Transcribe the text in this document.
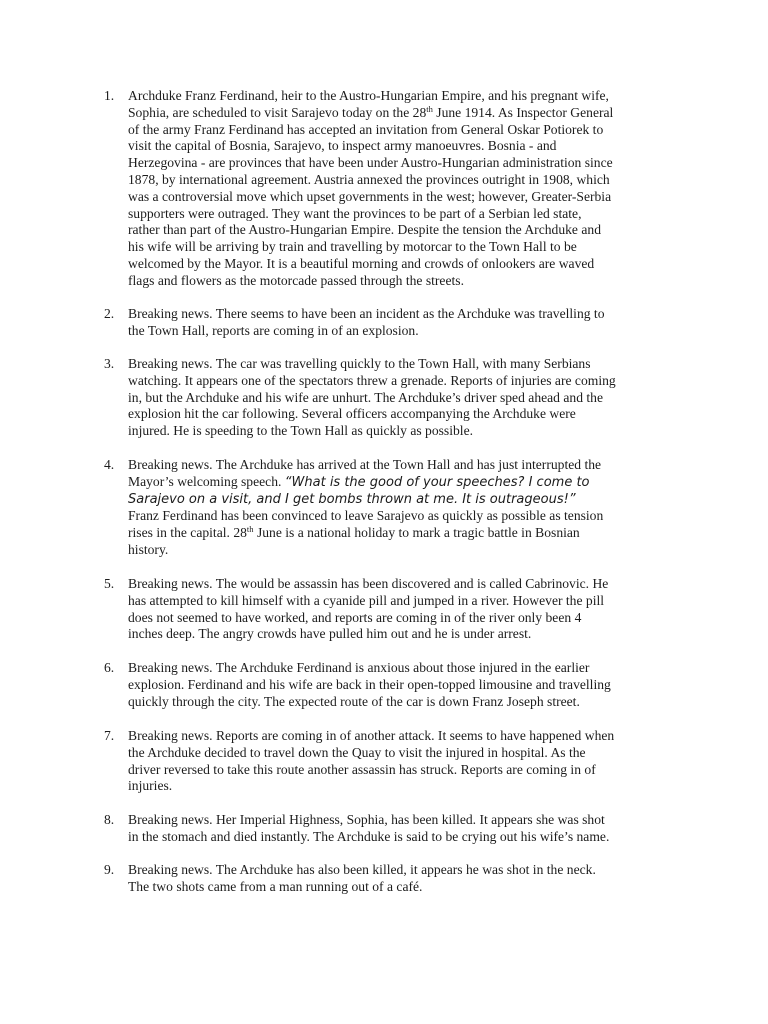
1.	Archduke Franz Ferdinand, heir to the Austro-Hungarian Empire, and his pregnant wife,
Sophia, are scheduled to visit Sarajevo today on the 28th June 1914. As Inspector General
of the army Franz Ferdinand has accepted an invitation from General Oskar Potiorek to
visit the capital of Bosnia, Sarajevo, to inspect army manoeuvres. Bosnia - and
Herzegovina - are provinces that have been under Austro-Hungarian administration since
1878, by international agreement. Austria annexed the provinces outright in 1908, which
was a controversial move which upset governments in the west; however, Greater-Serbia
supporters were outraged. They want the provinces to be part of a Serbian led state,
rather than part of the Austro-Hungarian Empire. Despite the tension the Archduke and
his wife will be arriving by train and travelling by motorcar to the Town Hall to be
welcomed by the Mayor. It is a beautiful morning and crowds of onlookers are waved
flags and flowers as the motorcade passed through the streets.
2.	Breaking news. There seems to have been an incident as the Archduke was travelling to
the Town Hall, reports are coming in of an explosion.
3.	Breaking news. The car was travelling quickly to the Town Hall, with many Serbians
watching. It appears one of the spectators threw a grenade. Reports of injuries are coming
in, but the Archduke and his wife are unhurt. The Archduke’s driver sped ahead and the
explosion hit the car following. Several officers accompanying the Archduke were
injured. He is speeding to the Town Hall as quickly as possible.
4.	Breaking news. The Archduke has arrived at the Town Hall and has just interrupted the
Mayor’s welcoming speech. “What is the good of your speeches? I come to
Sarajevo on a visit, and I get bombs thrown at me. It is outrageous!”
Franz Ferdinand has been convinced to leave Sarajevo as quickly as possible as tension
rises in the capital. 28th June is a national holiday to mark a tragic battle in Bosnian
history.
5.	Breaking news. The would be assassin has been discovered and is called Cabrinovic. He
has attempted to kill himself with a cyanide pill and jumped in a river. However the pill
does not seemed to have worked, and reports are coming in of the river only been 4
inches deep. The angry crowds have pulled him out and he is under arrest.
6.	Breaking news. The Archduke Ferdinand is anxious about those injured in the earlier
explosion. Ferdinand and his wife are back in their open-topped limousine and travelling
quickly through the city. The expected route of the car is down Franz Joseph street.
7.	Breaking news. Reports are coming in of another attack. It seems to have happened when
the Archduke decided to travel down the Quay to visit the injured in hospital. As the
driver reversed to take this route another assassin has struck. Reports are coming in of
injuries.
8.	Breaking news. Her Imperial Highness, Sophia, has been killed. It appears she was shot
in the stomach and died instantly. The Archduke is said to be crying out his wife’s name.
9.	Breaking news. The Archduke has also been killed, it appears he was shot in the neck.
The two shots came from a man running out of a café.
